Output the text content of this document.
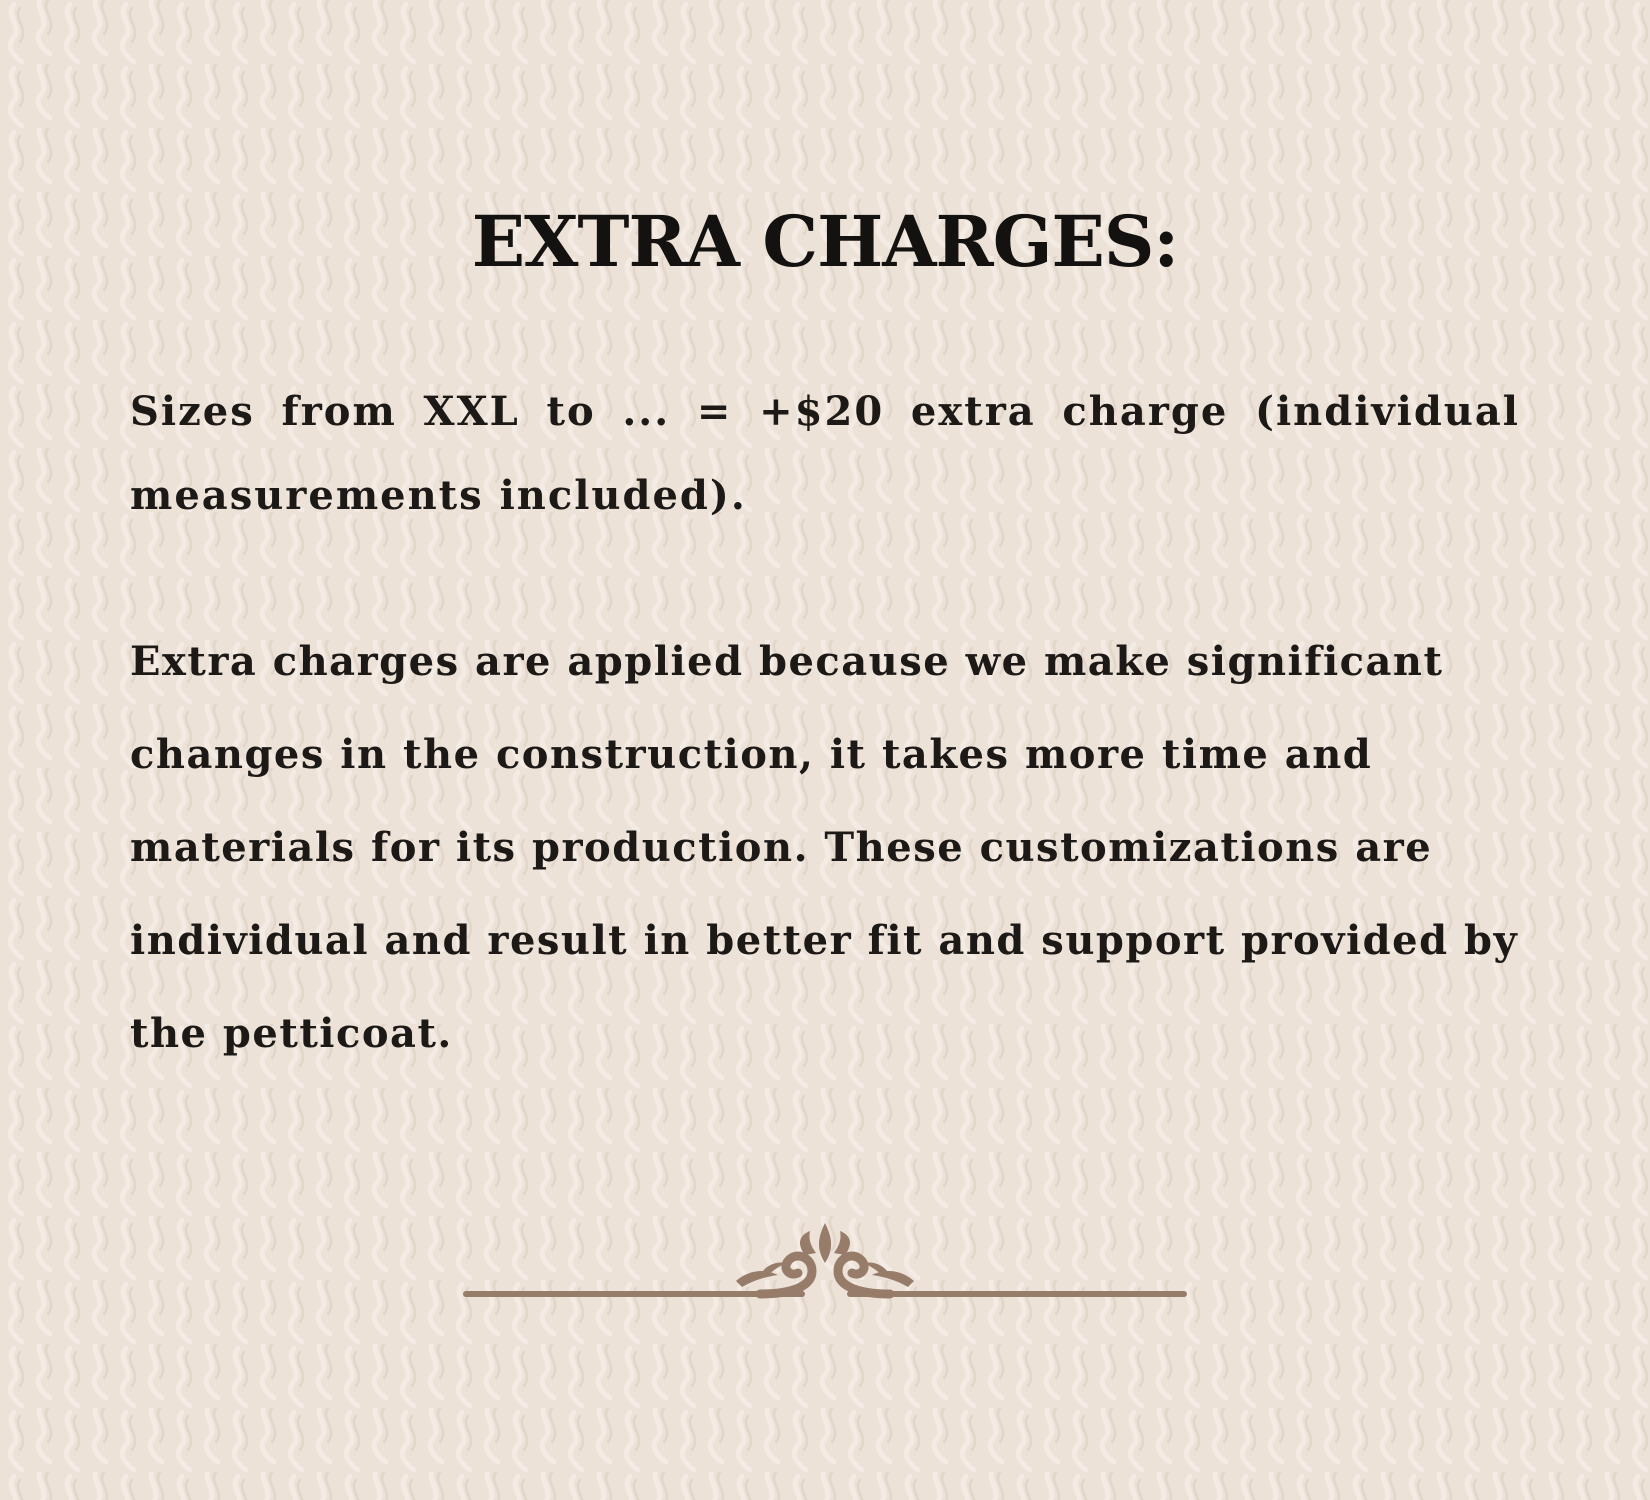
EXTRA CHARGES:

Sizes from XXL to ... = +$20 extra charge (individual measurements included).

Extra charges are applied because we make significant changes in the construction, it takes more time and materials for its production. These customizations are individual and result in better fit and support provided by the petticoat.
